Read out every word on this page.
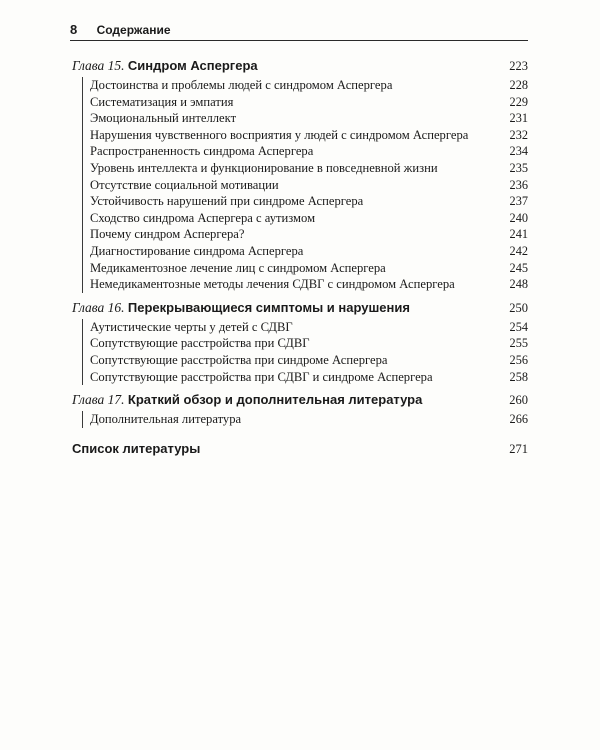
8 Содержание
Глава 15. Синдром Аспергера	223
Достоинства и проблемы людей с синдромом Аспергера	228
Систематизация и эмпатия	229
Эмоциональный интеллект	231
Нарушения чувственного восприятия у людей с синдромом Аспергера	232
Распространенность синдрома Аспергера	234
Уровень интеллекта и функционирование в повседневной жизни	235
Отсутствие социальной мотивации	236
Устойчивость нарушений при синдроме Аспергера	237
Сходство синдрома Аспергера с аутизмом	240
Почему синдром Аспергера?	241
Диагностирование синдрома Аспергера	242
Медикаментозное лечение лиц с синдромом Аспергера	245
Немедикаментозные методы лечения СДВГ с синдромом Аспергера	248
Глава 16. Перекрывающиеся симптомы и нарушения	250
Аутистические черты у детей с СДВГ	254
Сопутствующие расстройства при СДВГ	255
Сопутствующие расстройства при синдроме Аспергера	256
Сопутствующие расстройства при СДВГ и синдроме Аспергера	258
Глава 17. Краткий обзор и дополнительная литература	260
Дополнительная литература	266
Список литературы	271
